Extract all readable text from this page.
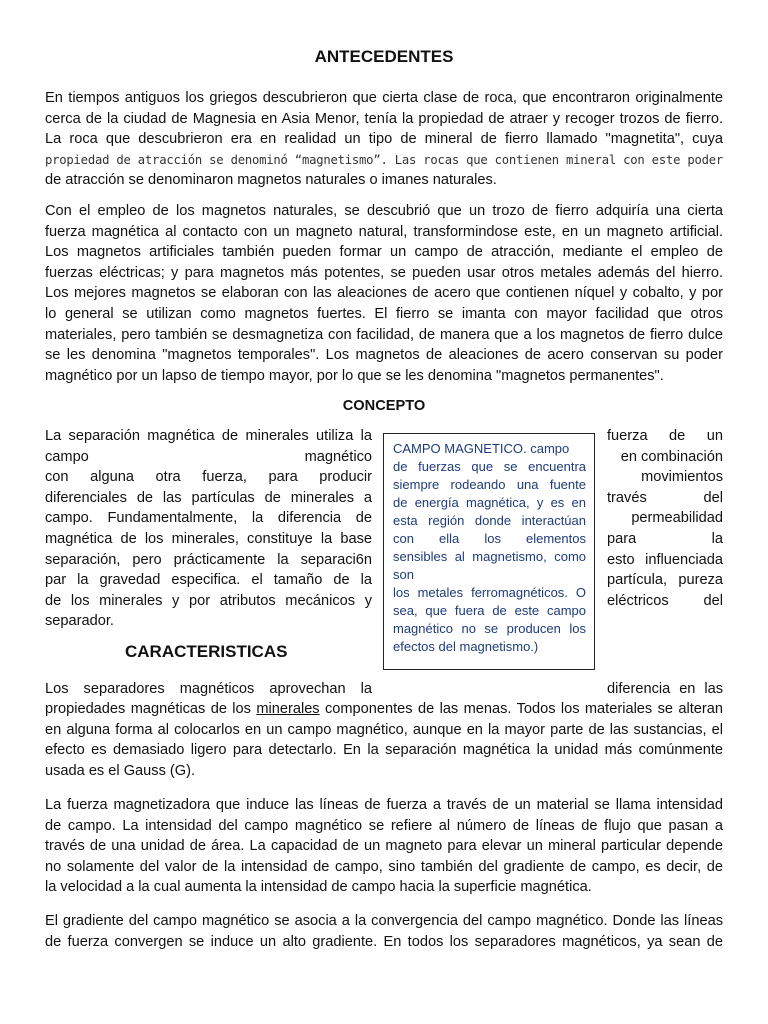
ANTECEDENTES
En tiempos antiguos los griegos descubrieron que cierta clase de roca, que encontraron originalmente
cerca de la ciudad de Magnesia en Asia Menor, tenía la propiedad de atraer y recoger trozos de fierro.
La roca que descubrieron era en realidad un tipo de mineral de fierro llamado "magnetita", cuya
propiedad de atracción se denominó “magnetismo”. Las rocas que contienen mineral con este poder
de atracción se denominaron magnetos naturales o imanes naturales.
Con el empleo de los magnetos naturales, se descubrió que un trozo de fierro adquiría una cierta
fuerza magnética al contacto con un magneto natural, transformindose este, en un magneto artificial.
Los magnetos artificiales también pueden formar un campo de atracción, mediante el empleo de
fuerzas eléctricas; y para magnetos más potentes, se pueden usar otros metales además del hierro.
Los mejores magnetos se elaboran con las aleaciones de acero que contienen níquel y cobalto, y por
lo general se utilizan como magnetos fuertes. El fierro se imanta con mayor facilidad que otros
materiales, pero también se desmagnetiza con facilidad, de manera que a los magnetos de fierro dulce
se les denomina "magnetos temporales". Los magnetos de aleaciones de acero conservan su poder
magnético por un lapso de tiempo mayor, por lo que se les denomina "magnetos permanentes".
CONCEPTO
La separación magnética de minerales utiliza la
campo magnético
con alguna otra fuerza, para producir
diferenciales de las partículas de minerales a
campo. Fundamentalmente, la diferencia de
magnética de los minerales, constituye la base
separación, pero prácticamente la separaci6n
par la gravedad especifica. el tamaño de la
de los minerales y por atributos mecánicos y
separador.
fuerza de un
en combinación
movimientos
través del
permeabilidad
para la
esto influenciada
partícula, pureza
eléctricos del

CAMPO MAGNETICO. campo
de fuerzas que se encuentra
siempre rodeando una fuente
de energía magnética, y es en
esta región donde interactúan
con ella los elementos
sensibles al magnetismo, como
son
los metales ferromagnéticos. O
sea, que fuera de este campo
magnético no se producen los
efectos del magnetismo.)

CARACTERISTICAS
Los separadores magnéticos aprovechan la	diferencia en las
propiedades magnéticas de los minerales componentes de las menas. Todos los materiales se alteran
en alguna forma al colocarlos en un campo magnético, aunque en la mayor parte de las sustancias, el
efecto es demasiado ligero para detectarlo. En la separación magnética la unidad más comúnmente
usada es el Gauss (G).
La fuerza magnetizadora que induce las líneas de fuerza a través de un material se llama intensidad
de campo. La intensidad del campo magnético se refiere al número de líneas de flujo que pasan a
través de una unidad de área. La capacidad de un magneto para elevar un mineral particular depende
no solamente del valor de la intensidad de campo, sino también del gradiente de campo, es decir, de
la velocidad a la cual aumenta la intensidad de campo hacia la superficie magnética.
El gradiente del campo magnético se asocia a la convergencia del campo magnético. Donde las líneas
de fuerza convergen se induce un alto gradiente. En todos los separadores magnéticos, ya sean de
